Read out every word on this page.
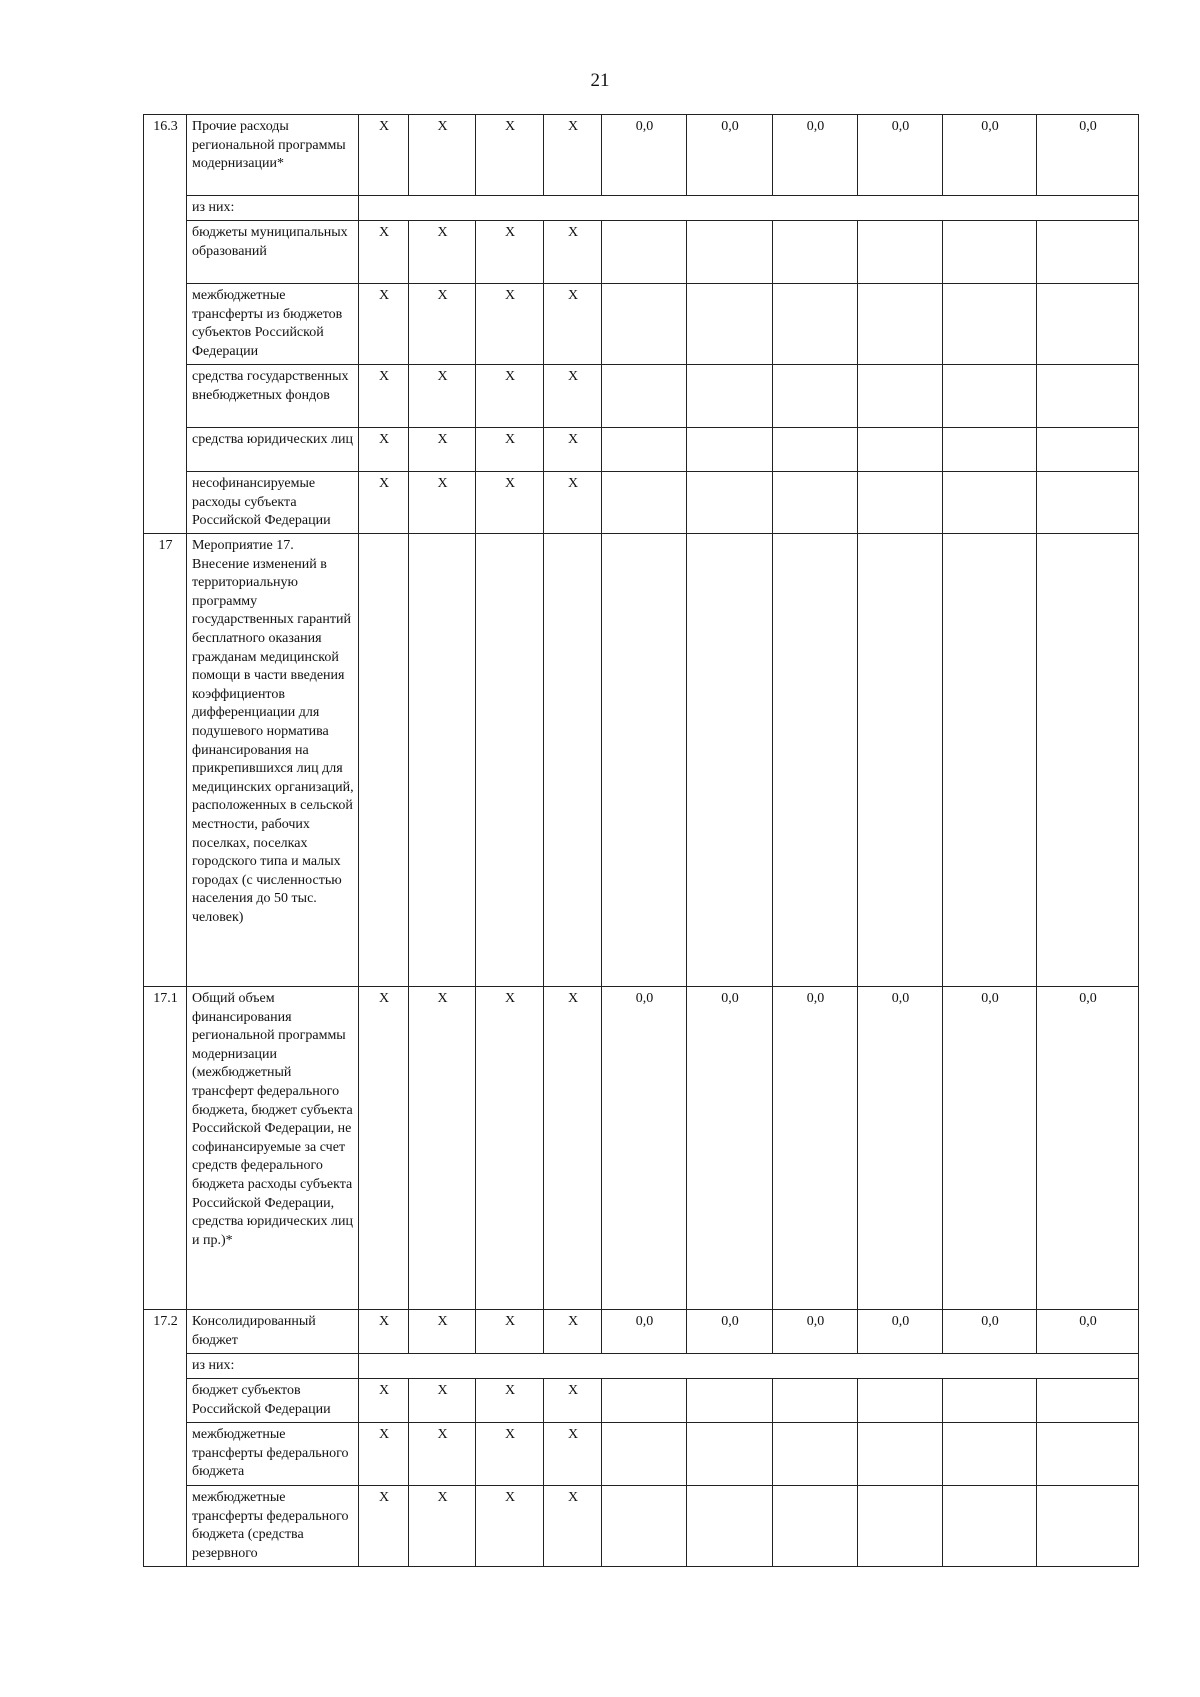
21
16.3	Прочие расходы региональной программы модернизации*	X	X	X	X	0,0	0,0	0,0	0,0	0,0	0,0
	из них:										
	бюджеты муниципальных образований	X	X	X	X						
	межбюджетные трансферты из бюджетов субъектов Российской Федерации	X	X	X	X						
	средства государственных внебюджетных фондов	X	X	X	X						
	средства юридических лиц	X	X	X	X						
	несофинансируемые расходы субъекта Российской Федерации	X	X	X	X						
17	Мероприятие 17. Внесение изменений в территориальную программу государственных гарантий бесплатного оказания гражданам медицинской помощи в части введения коэффициентов дифференциации для подушевого норматива финансирования на прикрепившихся лиц для медицинских организаций, расположенных в сельской местности, рабочих поселках, поселках городского типа и малых городах (с численностью населения до 50 тыс. человек)										
17.1	Общий объем финансирования региональной программы модернизации (межбюджетный трансферт федерального бюджета, бюджет субъекта Российской Федерации, не софинансируемые за счет средств федерального бюджета расходы субъекта Российской Федерации, средства юридических лиц и пр.)*	X	X	X	X	0,0	0,0	0,0	0,0	0,0	0,0
17.2	Консолидированный бюджет	X	X	X	X	0,0	0,0	0,0	0,0	0,0	0,0
	из них:										
	бюджет субъектов Российской Федерации	X	X	X	X						
	межбюджетные трансферты федерального бюджета	X	X	X	X						
	межбюджетные трансферты федерального бюджета (средства резервного	X	X	X	X						
